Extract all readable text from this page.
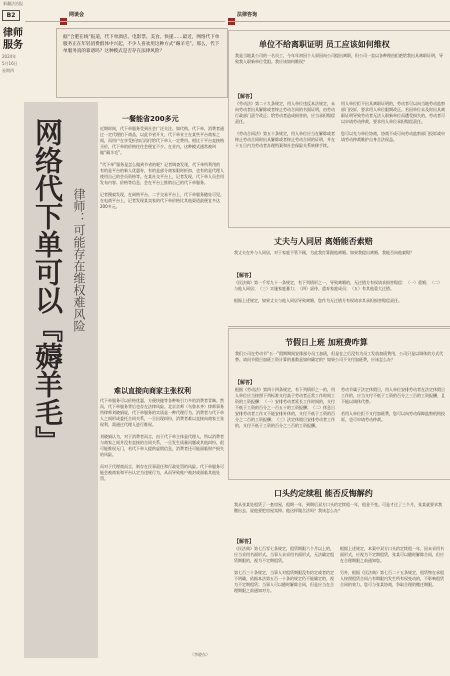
新疆法治报
B2
律师
服务
2024年
5月16日
星期四
网谈会	法律咨询
据“合肥在线”报道，代下单酒店、电影票、美食、快递……最近，网络代下单服务正在年轻消费群体中兴起，不少人喜欢用这种方式“薅羊毛”。那么，代下单服务真的靠谱吗？这种模式是否存在法律风险？
网络代下单可以『薅羊毛』 律师：可能存在维权难风险
一餐能省200多元
近期时间，代下单服务受到社会广泛关注。如代购、代下单，消费者通过一定代理拍下商品，以此节省开支，代下单业主在某些平台商家之间，而用户在享受折扣后再付给代下单人一定费用。相比于平台直接购买价，代下单的价格往往会便宜不少。在业内，这种模式通常被叫做“薅羊毛”。

“代下单”服务是怎么做到节省的呢？记者调查发现，代下单所利用的有的是平台的新人优惠券，有的是部分商家限时折扣，也有的是代理人使用自己的会员资格等。在某社交平台上，记者发现，代下单人员会用发布内容、价格等信息，会在平台上推销自己的代下单服务。

记者搜索发现，在网购平台、二手交易平台上，代下单服务随处可见。在电商平台上，记者发现某卖家的代下单价格比其他渠道最便宜多达200多元。
难以直接向商家主张权利
代下单服务可以价格优惠，方便快捷等各种吸引力多的消费者青睐。然而，代下单服务背后也存在法律风险。北京京师（乌鲁木齐）律师事务所律师刘晓娟说，代下单服务的实质是一种代理行为，消费者与代下单人之间形成委托合同关系，一旦出现纠纷，消费者难以直接向商家主张权利，需通过代理人进行维权。

刘晓娟认为，对于消费者而言，由于代下单主体是代理人，所以消费者与商家之间并没有直接的合同关系，一旦发生质量问题或其他纠纷，很可能维权无门，若代下单人提供虚假信息，消费者还可能面临财产损失的风险。

而对于代理商而言，则存在民事责任和行政处罚的风险。代下单服务可能会被商家和平台认定为违规行为，从而导致账户被封或面临其他处罚。
（李晓东）
单位不给离职证明 员工应该如何维权
我是当地某公司的一名员工，今年年初因个人原因向公司提出离职，但公司一直以各种理由拒绝给我出具离职证明，导致我入职新单位受阻。我应该如何维权？
【解答】
《劳动法》第二十九条规定，用人单位违反本法规定，未向劳动者出具解除或者终止劳动合同的书面证明，由劳动行政部门责令改正；给劳动者造成损害的，应当承担赔偿责任。

《劳动合同法》第五十条规定，用人单位应当在解除或者终止劳动合同时出具解除或者终止劳动合同的证明，并在十五日内为劳动者办理档案和社会保险关系转移手续。
用人单位拒不出具离职证明的，劳动者可以向当地劳动监察部门投诉，要求用人单位限期改正。若因单位未及时出具离职证明导致劳动者无法入职新单位而遭受损失的，劳动者可以申请劳动仲裁，要求用人单位承担赔偿责任。

您可以先与单位协商，协商不成可向劳动监察部门投诉或申请劳动仲裁维护自身合法权益。
丈夫与人同居 离婚能否索赔
我丈夫在外与人同居，对于家庭不管不顾，为此我打算跟他离婚。如果我提出离婚，我能否向他索赔？
【解答】
《民法典》第一千零九十一条规定，有下列情形之一，导致离婚的，无过错方有权请求损害赔偿：（一）重婚；（二）与他人同居；（三）实施家庭暴力；（四）虐待、遗弃家庭成员；（五）有其他重大过错。

根据上述规定，如果丈夫与他人同居导致离婚，您作为无过错方有权请求其承担损害赔偿责任。
节假日上班 加班费咋算
我们公司在劳动节“五一”假期期间安排部分员工加班，但是在之后没有为员工发放加班费用，公司只是以调休的方式代替。请问节假日加班工资计算的基数是如何确定的？如果公司不支付加班费，应该怎么办？
【解答】
根据《劳动法》第四十四条规定，有下列情形之一的，用人单位应当按照下列标准支付高于劳动者正常工作时间工资的工资报酬：（一）安排劳动者延长工作时间的，支付不低于工资的百分之一百五十的工资报酬；（二）休息日安排劳动者工作又不能安排补休的，支付不低于工资的百分之二百的工资报酬；（三）法定休假日安排劳动者工作的，支付不低于工资的百分之三百的工资报酬。
劳动节属于法定休假日，用人单位安排劳动者在法定休假日工作的，应当支付不低于工资的百分之三百的工资报酬，且不能以调休代替。

若用人单位拒不支付加班费，您可以向劳动保障监察机构投诉，也可申请劳动仲裁。
口头约定续租 能否反悔解约
我从张某处租赁了一套房屋，租期一年，到期后双方口头约定续租一年，租金不变。可是才过了三个月，张某就要求我搬出去，说他要把房屋卖掉。他这样做合法吗？我该怎么办？
【解答】
《民法典》第七百零七条规定，租赁期限六个月以上的，应当采用书面形式。当事人未采用书面形式，无法确定租赁期限的，视为不定期租赁。

第七百三十条规定，当事人对租赁期限没有约定或者约定不明确，依据本法第五百一十条的规定仍不能确定的，视为不定期租赁；当事人可以随时解除合同，但是应当在合理期限之前通知对方。
根据上述规定，本案中双方口头约定续租一年，因未采用书面形式，应视为不定期租赁，张某可以随时解除合同，但应在合理期限之前通知您。

另外，根据《民法典》第七百二十五条规定，租赁物在承租人按照租赁合同占有期限内发生所有权变动的，不影响租赁合同的效力。您可与张某协商，争取合理的搬迁期限。
